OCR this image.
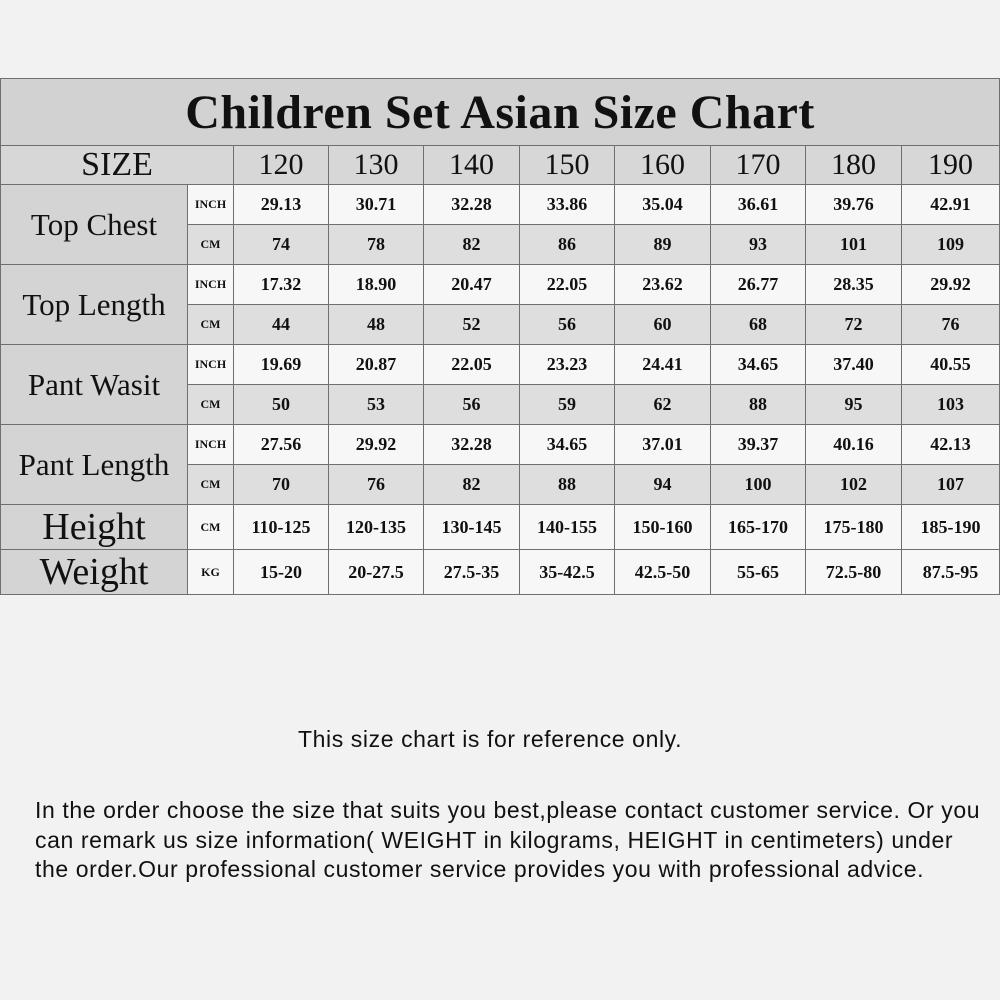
Children Set Asian Size Chart									
SIZE		120	130	140	150	160	170	180	190
Top Chest	INCH	29.13	30.71	32.28	33.86	35.04	36.61	39.76	42.91
	CM	74	78	82	86	89	93	101	109
Top Length	INCH	17.32	18.90	20.47	22.05	23.62	26.77	28.35	29.92
	CM	44	48	52	56	60	68	72	76
Pant Wasit	INCH	19.69	20.87	22.05	23.23	24.41	34.65	37.40	40.55
	CM	50	53	56	59	62	88	95	103
Pant Length	INCH	27.56	29.92	32.28	34.65	37.01	39.37	40.16	42.13
	CM	70	76	82	88	94	100	102	107
Height	CM	110-125	120-135	130-145	140-155	150-160	165-170	175-180	185-190
Weight	KG	15-20	20-27.5	27.5-35	35-42.5	42.5-50	55-65	72.5-80	87.5-95
This size chart is for reference only.
In the order choose the size that suits you best,please contact customer service. Or you can remark us size information( WEIGHT in kilograms, HEIGHT in centimeters) under the order.Our professional customer service provides you with professional advice.
